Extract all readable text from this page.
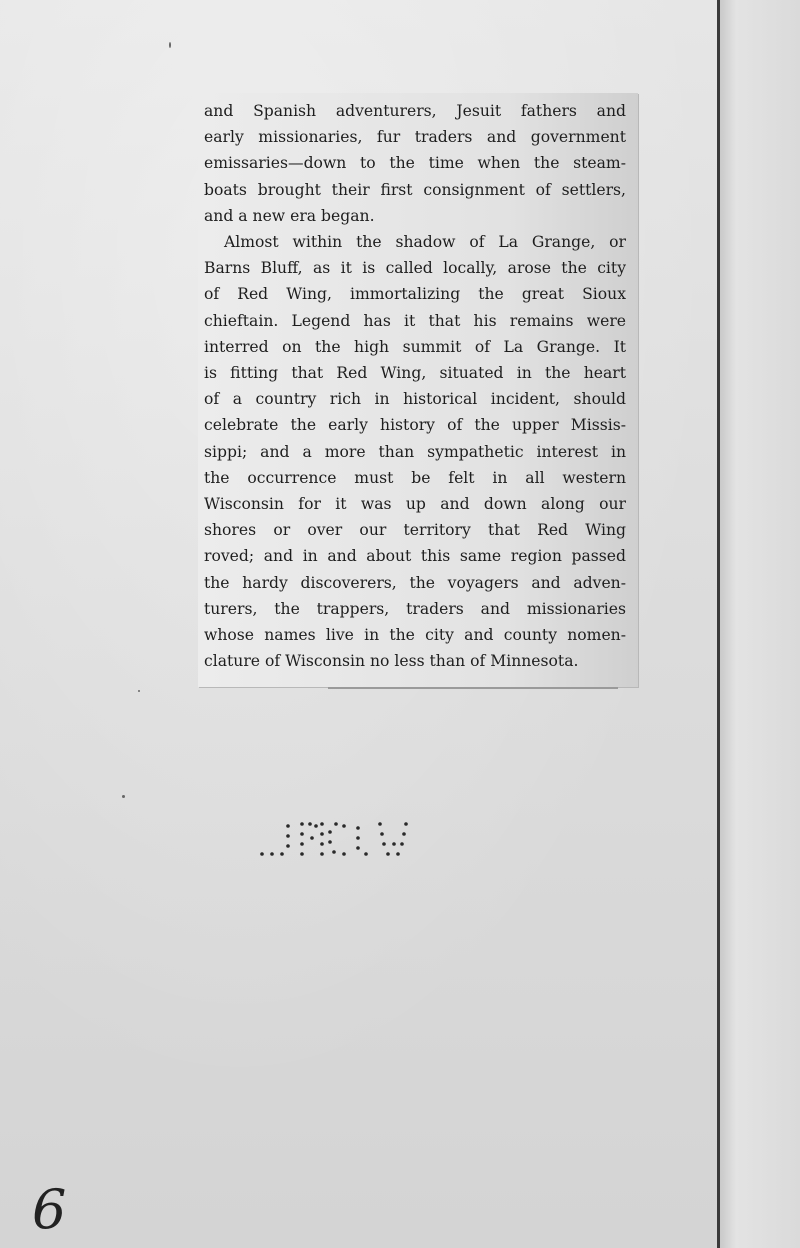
and Spanish adventurers, Jesuit fathers and
early missionaries, fur traders and government
emissaries—down to the time when the steam-
boats brought their first consignment of settlers,
and a new era began.

Almost within the shadow of La Grange, or
Barns Bluff, as it is called locally, arose the city
of Red Wing, immortalizing the great Sioux
chieftain. Legend has it that his remains were
interred on the high summit of La Grange. It
is fitting that Red Wing, situated in the heart
of a country rich in historical incident, should
celebrate the early history of the upper Missis-
sippi; and a more than sympathetic interest in
the occurrence must be felt in all western
Wisconsin for it was up and down along our
shores or over our territory that Red Wing
roved; and in and about this same region passed
the hardy discoverers, the voyagers and adven-
turers, the trappers, traders and missionaries
whose names live in the city and county nomen-
clature of Wisconsin no less than of Minnesota.

6
